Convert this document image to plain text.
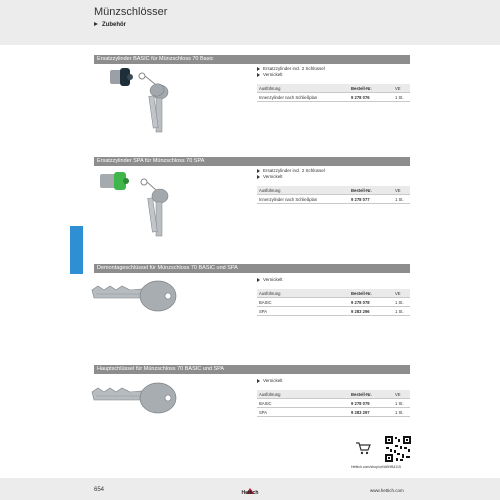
Münzschlösser
Zubehör
Ersatzzylinder BASIC für Münzschloss 70 Basic
Ersatzzylinder incl. 2 Schlüssel
Vernickelt
Ausführung	Bestell-Nr.	VE
Innenzylinder nach Schließplan	9 278 076	1 St.
Ersatzzylinder SPA für Münzschloss 70 SPA
Ersatzzylinder incl. 2 Schlüssel
Vernickelt
Ausführung	Bestell-Nr.	VE
Innenzylinder nach Schließplan	9 278 077	1 St.
Demontageschlüssel für Münzschloss 70 BASIC und SPA
Vernickelt
Ausführung	Bestell-Nr.	VE
BASIC	9 278 078	1 St.
SPA	9 283 296	1 St.
Hauptschlüssel für Münzschloss 70 BASIC und SPA
Vernickelt
Ausführung	Bestell-Nr.	VE
BASIC	9 278 079	1 St.
SPA	9 283 297	1 St.
Hettich.com/shop/url/ABHB4115
654	Hettich	www.hettich.com
